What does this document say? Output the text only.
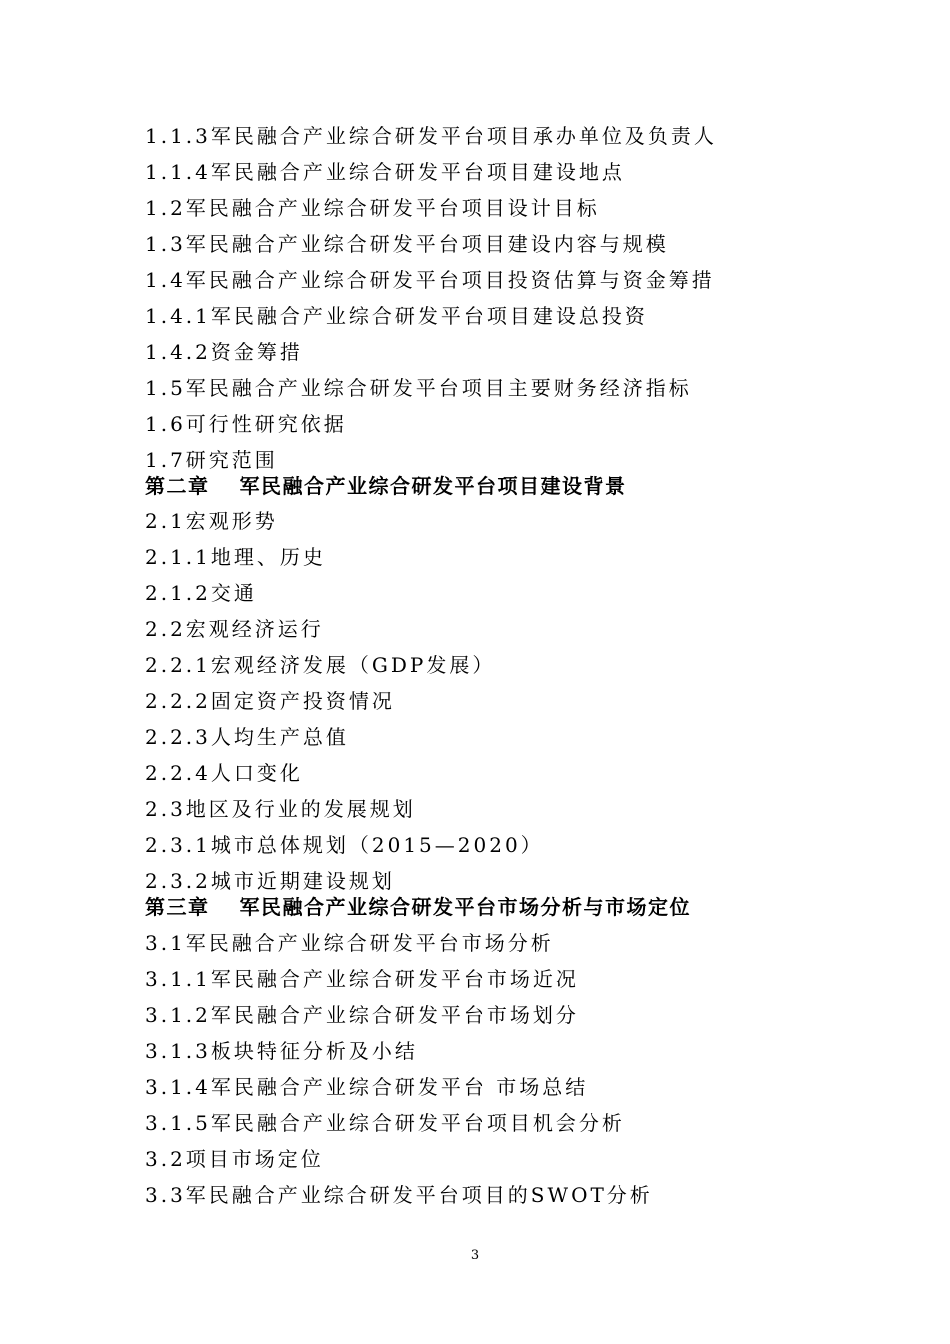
1.1.3军民融合产业综合研发平台项目承办单位及负责人
1.1.4军民融合产业综合研发平台项目建设地点
1.2军民融合产业综合研发平台项目设计目标
1.3军民融合产业综合研发平台项目建设内容与规模
1.4军民融合产业综合研发平台项目投资估算与资金筹措
1.4.1军民融合产业综合研发平台项目建设总投资
1.4.2资金筹措
1.5军民融合产业综合研发平台项目主要财务经济指标
1.6可行性研究依据
1.7研究范围
第二章 军民融合产业综合研发平台项目建设背景
2.1宏观形势
2.1.1地理、历史
2.1.2交通
2.2宏观经济运行
2.2.1宏观经济发展（GDP发展）
2.2.2固定资产投资情况
2.2.3人均生产总值
2.2.4人口变化
2.3地区及行业的发展规划
2.3.1城市总体规划（2015—2020）
2.3.2城市近期建设规划
第三章 军民融合产业综合研发平台市场分析与市场定位
3.1军民融合产业综合研发平台市场分析
3.1.1军民融合产业综合研发平台市场近况
3.1.2军民融合产业综合研发平台市场划分
3.1.3板块特征分析及小结
3.1.4军民融合产业综合研发平台 市场总结
3.1.5军民融合产业综合研发平台项目机会分析
3.2项目市场定位
3.3军民融合产业综合研发平台项目的SWOT分析
3
